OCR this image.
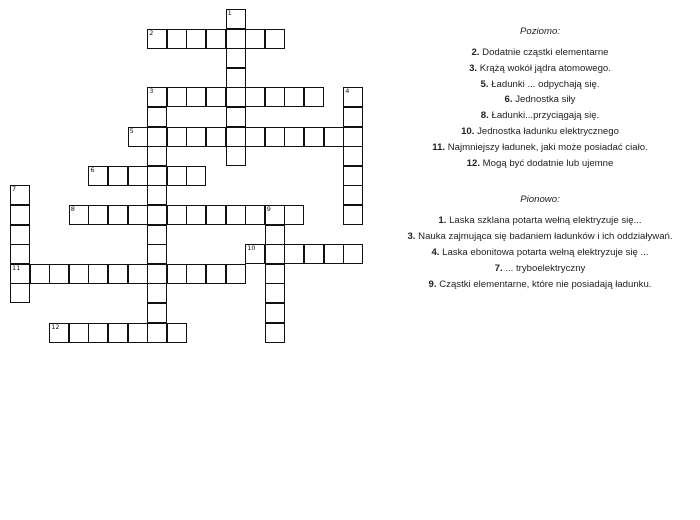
1
2
3	4
5
6
7
11
8	9
10
12
Poziomo:
2. Dodatnie cząstki elementarne
3. Krążą wokół jądra atomowego.
5. Ładunki ... odpychają się.
6. Jednostka siły
8. Ładunki...przyciągają się.
10. Jednostka ładunku elektrycznego
11. Najmniejszy ładunek, jaki może posiadać ciało.
12. Mogą być dodatnie lub ujemne
Pionowo:
1. Laska szklana potarta wełną elektryzuje się...
3. Nauka zajmująca się badaniem ładunków i ich oddziaływań.
4. Laska ebonitowa potarta wełną elektryzuje się ...
7. ... tryboelektryczny
9. Cząstki elementarne, które nie posiadają ładunku.
